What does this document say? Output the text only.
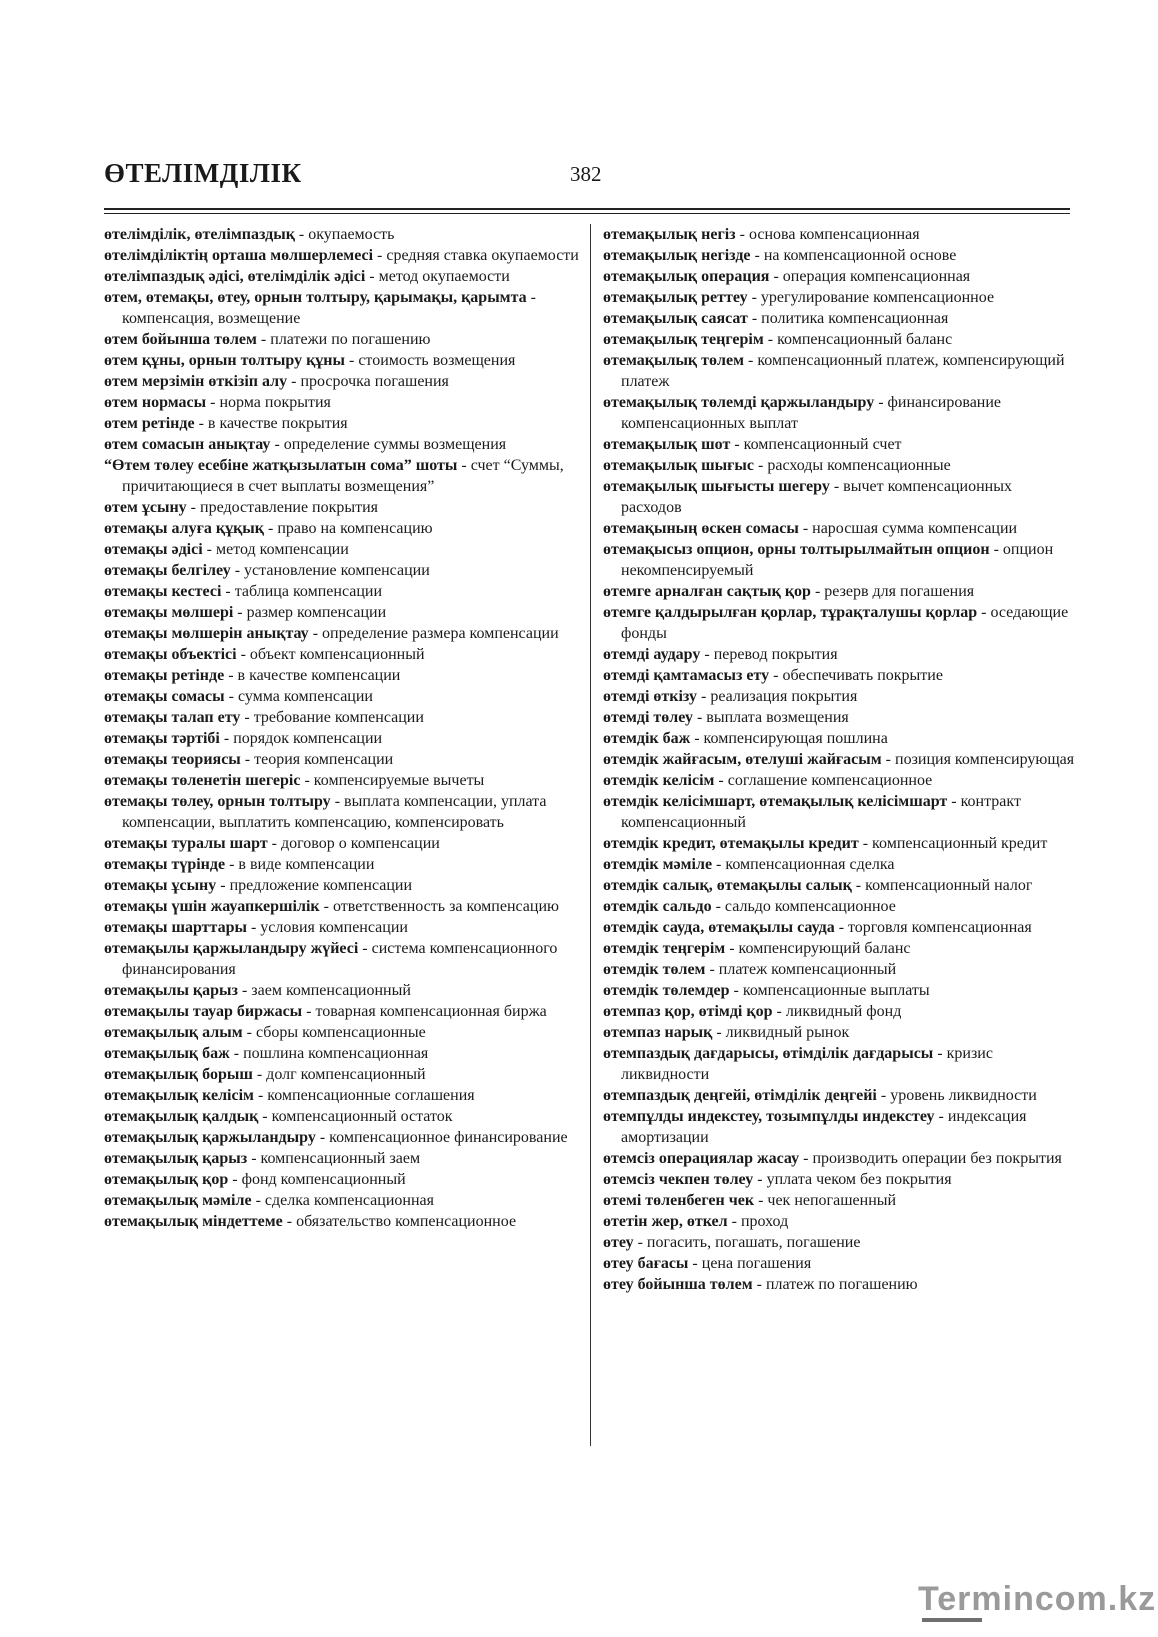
ӨТЕЛІМДІЛІК	382
өтелімділік, өтелімпаздық - окупаемость
өтелімділіктің орташа мөлшерлемесі - средняя ставка окупаемости
өтелімпаздық әдісі, өтелімділік әдісі - метод окупаемости
өтем, өтемақы, өтеу, орнын толтыру, қарымақы, қарымта - компенсация, возмещение
өтем бойынша төлем - платежи по погашению
өтем құны, орнын толтыру құны - стоимость возмещения
өтем мерзімін өткізіп алу - просрочка погашения
өтем нормасы - норма покрытия
өтем ретінде - в качестве покрытия
өтем сомасын анықтау - определение суммы возмещения
“Өтем төлеу есебіне жатқызылатын сома” шоты - счет “Суммы, причитающиеся в счет выплаты возмещения”
өтем ұсыну - предоставление покрытия
өтемақы алуға құқық - право на компенсацию
өтемақы әдісі - метод компенсации
өтемақы белгілеу - установление компенсации
өтемақы кестесі - таблица компенсации
өтемақы мөлшері - размер компенсации
өтемақы мөлшерін анықтау - определение размера компенсации
өтемақы объектісі - объект компенсационный
өтемақы ретінде - в качестве компенсации
өтемақы сомасы - сумма компенсации
өтемақы талап ету - требование компенсации
өтемақы тәртібі - порядок компенсации
өтемақы теориясы - теория компенсации
өтемақы төленетін шегеріс - компенсируемые вычеты
өтемақы төлеу, орнын толтыру - выплата компенсации, уплата компенсации, выплатить компенсацию, компенсировать
өтемақы туралы шарт - договор о компенсации
өтемақы түрінде - в виде компенсации
өтемақы ұсыну - предложение компенсации
өтемақы үшін жауапкершілік - ответственность за компенсацию
өтемақы шарттары - условия компенсации
өтемақылы қаржыландыру жүйесі - система компенсационного финансирования
өтемақылы қарыз - заем компенсационный
өтемақылы тауар биржасы - товарная компенсационная биржа
өтемақылық алым - сборы компенсационные
өтемақылық баж - пошлина компенсационная
өтемақылық борыш - долг компенсационный
өтемақылық келісім - компенсационные соглашения
өтемақылық қалдық - компенсационный остаток
өтемақылық қаржыландыру - компенсационное финансирование
өтемақылық қарыз - компенсационный заем
өтемақылық қор - фонд компенсационный
өтемақылық мәміле - сделка компенсационная
өтемақылық міндеттеме - обязательство компенсационное
өтемақылық негіз - основа компенсационная
өтемақылық негізде - на компенсационной основе
өтемақылық операция - операция компенсационная
өтемақылық реттеу - урегулирование компенсационное
өтемақылық саясат - политика компенсационная
өтемақылық теңгерім - компенсационный баланс
өтемақылық төлем - компенсационный платеж, компенсирующий платеж
өтемақылық төлемді қаржыландыру - финансирование компенсационных выплат
өтемақылық шот - компенсационный счет
өтемақылық шығыс - расходы компенсационные
өтемақылық шығысты шегеру - вычет компенсационных расходов
өтемақының өскен сомасы - наросшая сумма компенсации
өтемақысыз опцион, орны толтырылмайтын опцион - опцион некомпенсируемый
өтемге арналған сақтық қор - резерв для погашения
өтемге қалдырылған қорлар, тұрақталушы қорлар - оседающие фонды
өтемді аудару - перевод покрытия
өтемді қамтамасыз ету - обеспечивать покрытие
өтемді өткізу - реализация покрытия
өтемді төлеу - выплата возмещения
өтемдік баж - компенсирующая пошлина
өтемдік жайғасым, өтелуші жайғасым - позиция компенсирующая
өтемдік келісім - соглашение компенсационное
өтемдік келісімшарт, өтемақылық келісімшарт - контракт компенсационный
өтемдік кредит, өтемақылы кредит - компенсационный кредит
өтемдік мәміле - компенсационная сделка
өтемдік салық, өтемақылы салық - компенсационный налог
өтемдік сальдо - сальдо компенсационное
өтемдік сауда, өтемақылы сауда - торговля компенсационная
өтемдік теңгерім - компенсирующий баланс
өтемдік төлем - платеж компенсационный
өтемдік төлемдер - компенсационные выплаты
өтемпаз қор, өтімді қор - ликвидный фонд
өтемпаз нарық - ликвидный рынок
өтемпаздық дағдарысы, өтімділік дағдарысы - кризис ликвидности
өтемпаздық деңгейі, өтімділік деңгейі - уровень ликвидности
өтемпұлды индекстеу, тозымпұлды индекстеу - индексация амортизации
өтемсіз операциялар жасау - производить операции без покрытия
өтемсіз чекпен төлеу - уплата чеком без покрытия
өтемі төленбеген чек - чек непогашенный
өтетін жер, өткел - проход
өтеу - погасить, погашать, погашение
өтеу бағасы - цена погашения
өтеу бойынша төлем - платеж по погашению
Termincom.kz
